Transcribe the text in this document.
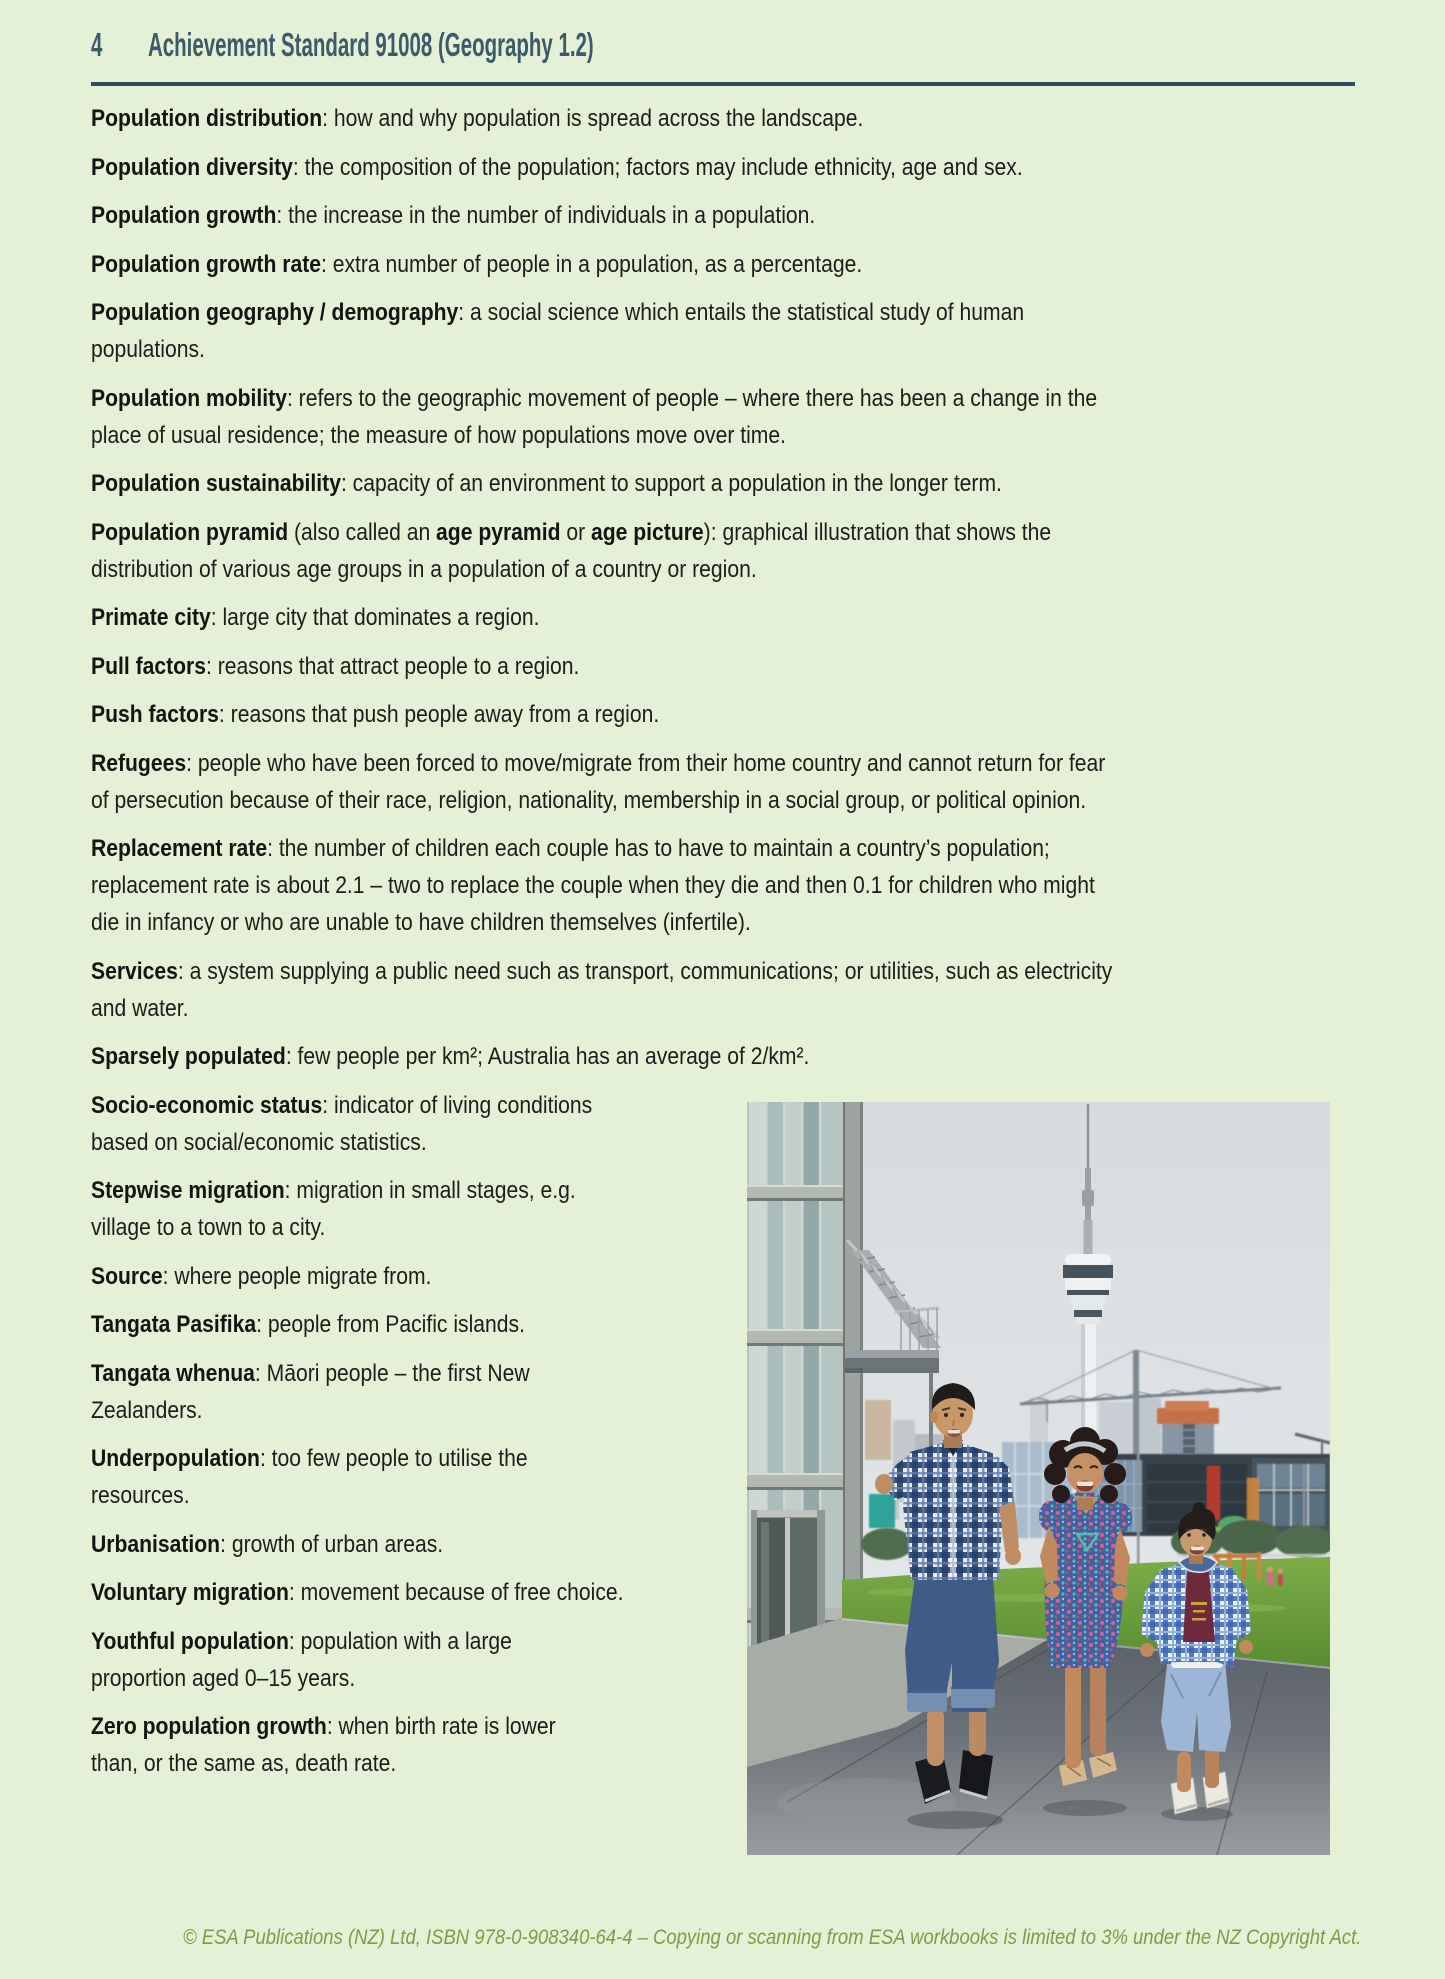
4 Achievement Standard 91008 (Geography 1.2)

Population distribution: how and why population is spread across the landscape.

Population diversity: the composition of the population; factors may include ethnicity, age and sex.

Population growth: the increase in the number of individuals in a population.

Population growth rate: extra number of people in a population, as a percentage.

Population geography / demography: a social science which entails the statistical study of human
populations.

Population mobility: refers to the geographic movement of people – where there has been a change in the
place of usual residence; the measure of how populations move over time.

Population sustainability: capacity of an environment to support a population in the longer term.

Population pyramid (also called an age pyramid or age picture): graphical illustration that shows the
distribution of various age groups in a population of a country or region.

Primate city: large city that dominates a region.

Pull factors: reasons that attract people to a region.

Push factors: reasons that push people away from a region.

Refugees: people who have been forced to move/migrate from their home country and cannot return for fear
of persecution because of their race, religion, nationality, membership in a social group, or political opinion.

Replacement rate: the number of children each couple has to have to maintain a country’s population;
replacement rate is about 2.1 – two to replace the couple when they die and then 0.1 for children who might
die in infancy or who are unable to have children themselves (infertile).

Services: a system supplying a public need such as transport, communications; or utilities, such as electricity
and water.

Sparsely populated: few people per km²; Australia has an average of 2/km².

Socio-economic status: indicator of living conditions
based on social/economic statistics.

Stepwise migration: migration in small stages, e.g.
village to a town to a city.

Source: where people migrate from.

Tangata Pasifika: people from Pacific islands.

Tangata whenua: Māori people – the first New
Zealanders.

Underpopulation: too few people to utilise the
resources.

Urbanisation: growth of urban areas.

Voluntary migration: movement because of free choice.

Youthful population: population with a large
proportion aged 0–15 years.

Zero population growth: when birth rate is lower
than, or the same as, death rate.

© ESA Publications (NZ) Ltd, ISBN 978-0-908340-64-4 – Copying or scanning from ESA workbooks is limited to 3% under the NZ Copyright Act.
